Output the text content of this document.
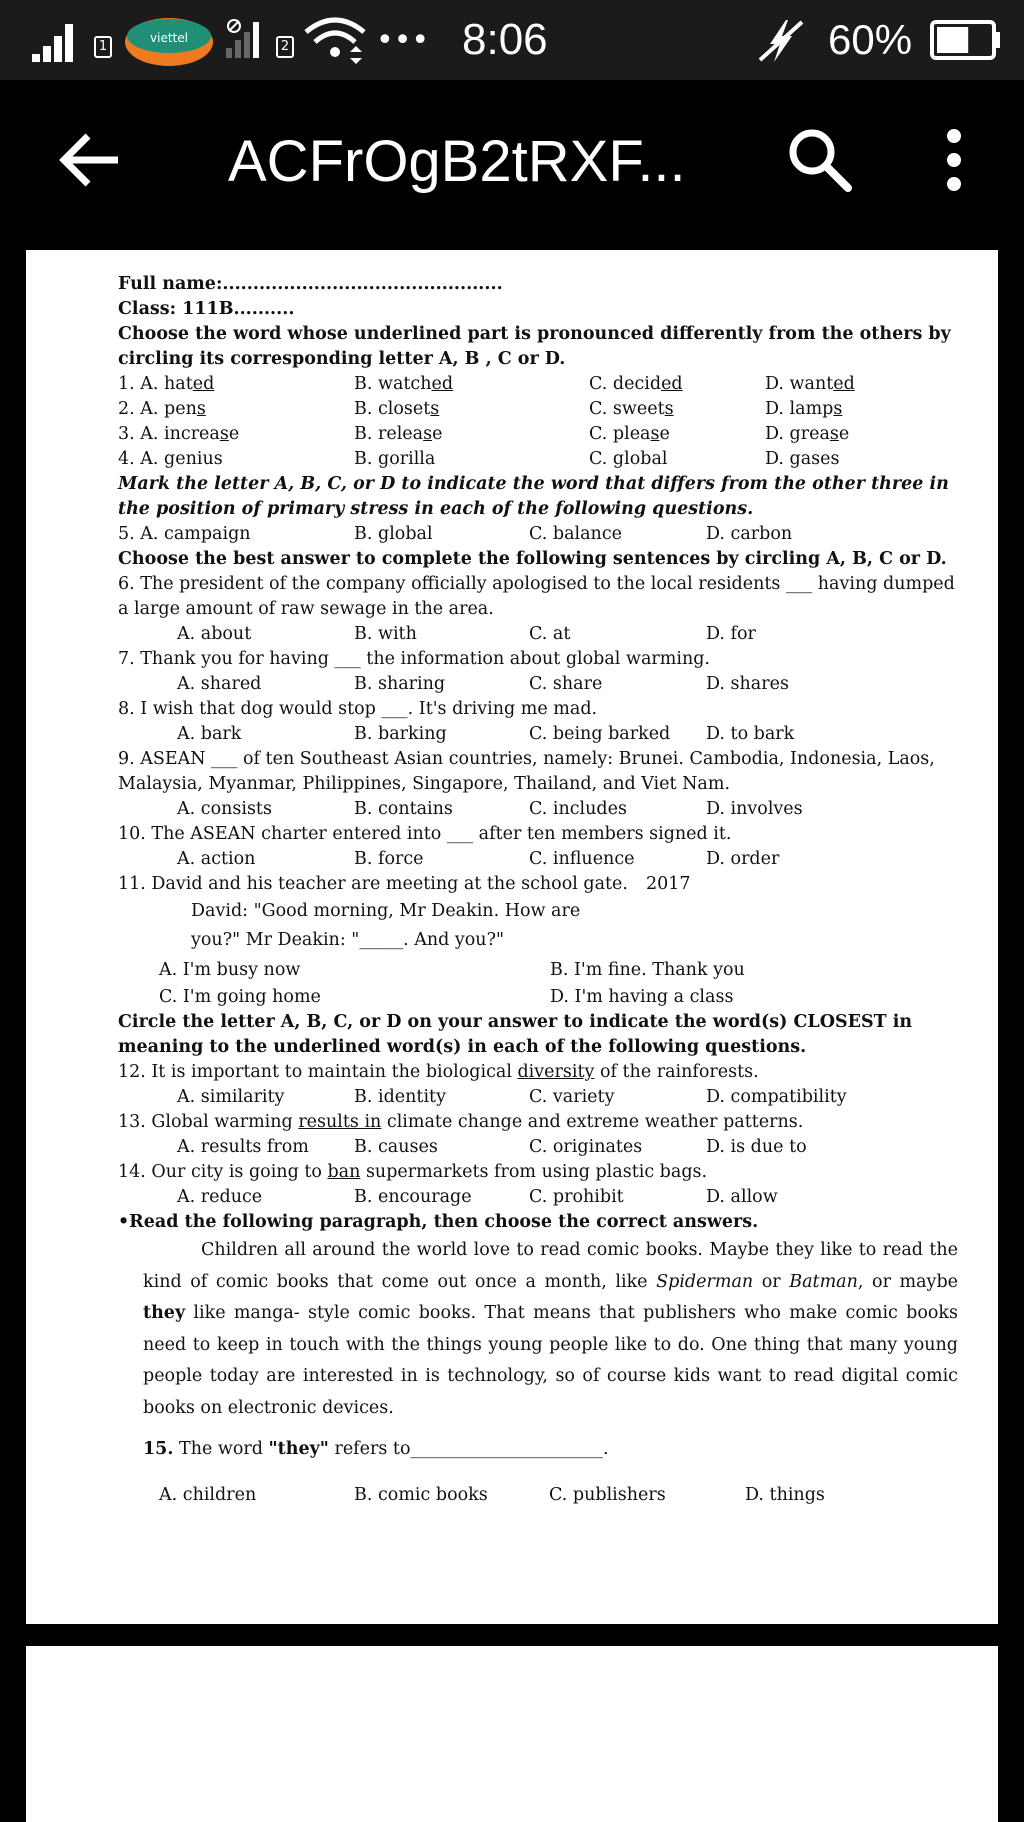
1
viettel
2	••• 8:06	60%
ACFrOgB2tRXF...
Full name:..............................................
Class: 111B..........
Choose the word whose underlined part is pronounced differently from the others by circling its corresponding letter A, B , C or D.
1. A. hated	B. watched	C. decided	D. wanted
2. A. pens	B. closets	C. sweets	D. lamps
3. A. increase	B. release	C. please	D. grease
4. A. genius	B. gorilla	C. global	D. gases
Mark the letter A, B, C, or D to indicate the word that differs from the other three in the position of primary stress in each of the following questions.
5. A. campaign	B. global	C. balance	D. carbon
Choose the best answer to complete the following sentences by circling A, B, C or D.
6. The president of the company officially apologised to the local residents ___ having dumped a large amount of raw sewage in the area.
A. about	B. with	C. at	D. for
7. Thank you for having ___ the information about global warming.
A. shared	B. sharing	C. share	D. shares
8. I wish that dog would stop ___. It's driving me mad.
A. bark	B. barking	C. being barked D. to bark
9. ASEAN ___ of ten Southeast Asian countries, namely: Brunei. Cambodia, Indonesia, Laos, Malaysia, Myanmar, Philippines, Singapore, Thailand, and Viet Nam.
A. consists	B. contains	C. includes	D. involves
10. The ASEAN charter entered into ___ after ten members signed it.
A. action	B. force	C. influence	D. order
11. David and his teacher are meeting at the school gate. 2017
David: "Good morning, Mr Deakin. How are
you?" Mr Deakin: "_____. And you?"
A. I'm busy now	B. I'm fine. Thank you
C. I'm going home	D. I'm having a class
Circle the letter A, B, C, or D on your answer to indicate the word(s) CLOSEST in meaning to the underlined word(s) in each of the following questions.
12. It is important to maintain the biological diversity of the rainforests.
A. similarity	B. identity	C. variety	D. compatibility
13. Global warming results in climate change and extreme weather patterns.
A. results from	B. causes	C. originates	D. is due to
14. Our city is going to ban supermarkets from using plastic bags.
A. reduce	B. encourage	C. prohibit	D. allow
•Read the following paragraph, then choose the correct answers.
Children all around the world love to read comic books. Maybe they like to read the kind of comic books that come out once a month, like Spiderman or Batman, or maybe they like manga- style comic books. That means that publishers who make comic books need to keep in touch with the things young people like to do. One thing that many young people today are interested in is technology, so of course kids want to read digital comic books on electronic devices.
15. The word "they" refers to______________________.
A. children	B. comic books	C. publishers	D. things
